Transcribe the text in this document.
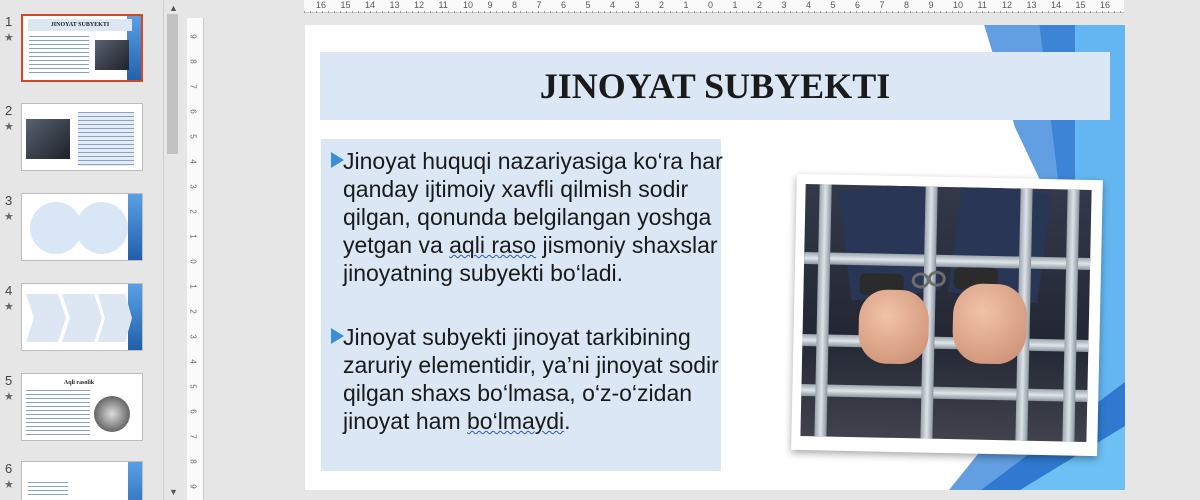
1
★
JINOYAT SUBYEKTI
2
★
3
★
4
★
5
★
Aqli rasolik
6
★
▲
▼
16 15 14 13 12 11 10 9 8 7 6 5 4 3 2 1 0 1 2 3 4 5 6 7 8 9 10 11 12 13 14 15 16
9
8
7
6
5
4
3
2
1
0
1
2
3
4
5
6
7
8
9
JINOYAT SUBYEKTI
Jinoyat huquqi nazariyasiga ko‘ra har qanday ijtimoiy xavfli qilmish sodir qilgan, qonunda belgilangan yoshga yetgan va aqli raso jismoniy shaxslar jinoyatning subyekti bo‘ladi.
Jinoyat subyekti jinoyat tarkibining zaruriy elementidir, ya’ni jinoyat sodir qilgan shaxs bo‘lmasa, o‘z-o‘zidan jinoyat ham bo‘lmaydi.
